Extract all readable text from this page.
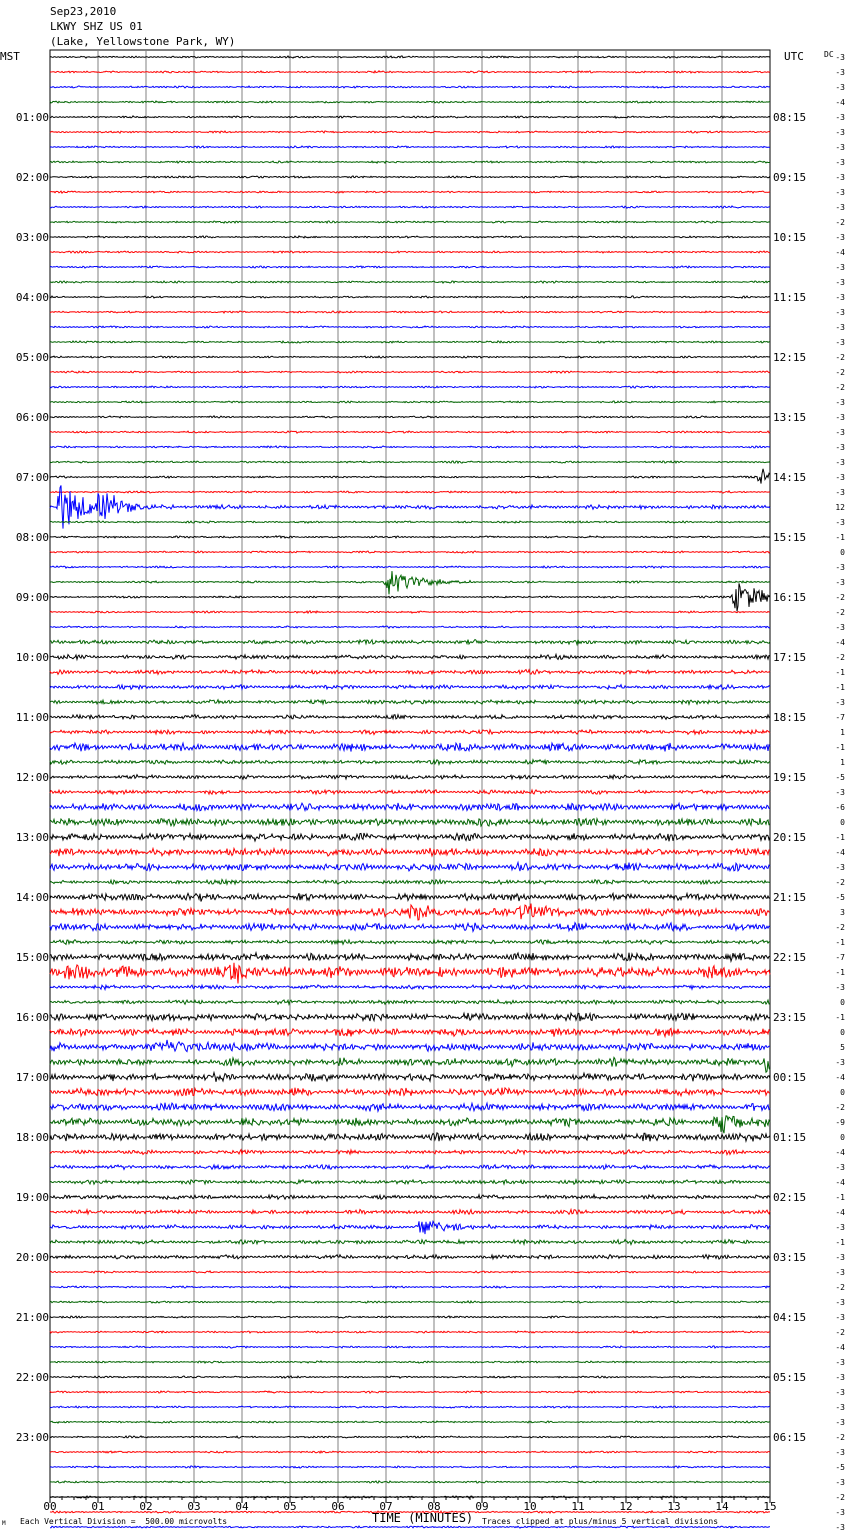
Sep23,2010
LKWY SHZ US 01
(Lake, Yellowstone Park, WY)
MST	UTC	DC
00	01	02	03	04	05	06	07	08	09	10	11	12	13	14	15
-3
-3
-3
-4
-3
-3
-3
-3
-3
-3
-3
-2
-3
-4
-3
-3
-3
-3
-3
-3
-2
-2
-2
-3
-3
-3
-3
-3
-3
-3
12
-3
-1
0
-3
-3
-2
-2
-3
-4
-2
-1
-1
-3
-7
1
-1
1
-5
-3
-6
0
-1
-4
-3
-2
-5
3
-2
-1
-7
-1
-3
0
-1
0
5
-3
-4
0
-2
-9
0
-4
-3
-4
-1
-4
-3
-1
-3
-3
-2
-3
-3
-2
-4
-3
-3
-3
-3
-3
-2
-3
-5
-3
-2
-3
-3
01:00	08:15
02:00	09:15
03:00	10:15
04:00	11:15
05:00	12:15
06:00	13:15
07:00	14:15
08:00	15:15
09:00	16:15
10:00	17:15
11:00	18:15
12:00	19:15
13:00	20:15
14:00	21:15
15:00	22:15
16:00	23:15
17:00	00:15
18:00	01:15
19:00	02:15
20:00	03:15
21:00	04:15
22:00	05:15
23:00	06:15
TIME (MINUTES)
Each Vertical Division =  500.00 microvolts	Traces clipped at plus/minus 5 vertical divisions
M
